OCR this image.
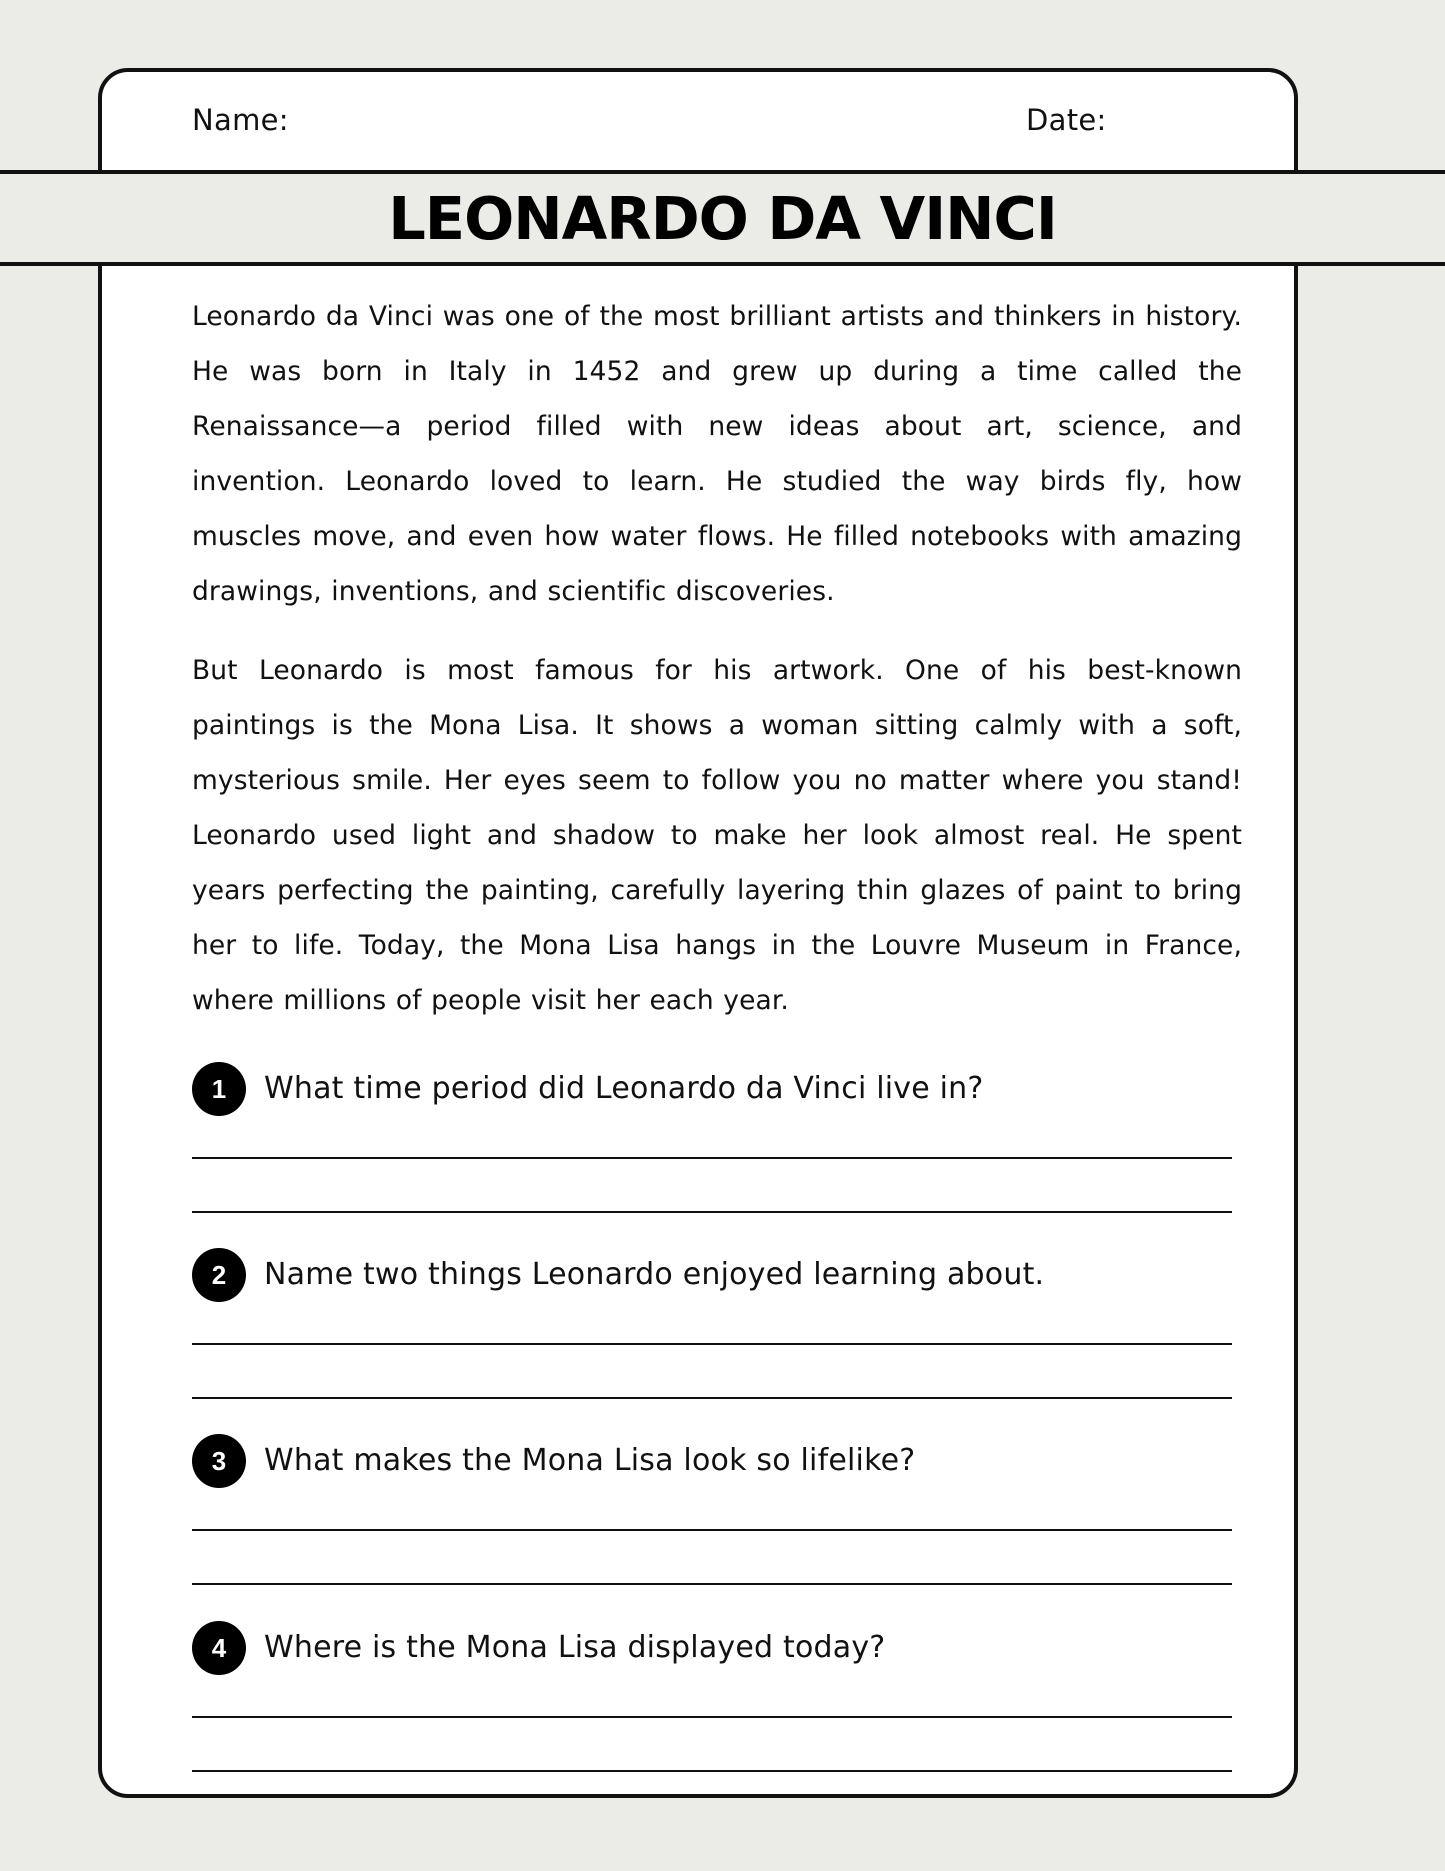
Name:	Date:
LEONARDO DA VINCI

Leonardo da Vinci was one of the most brilliant artists and thinkers in history. He was born in Italy in 1452 and grew up during a time called the Renaissance—a period filled with new ideas about art, science, and invention. Leonardo loved to learn. He studied the way birds fly, how muscles move, and even how water flows. He filled notebooks with amazing drawings, inventions, and scientific discoveries.

But Leonardo is most famous for his artwork. One of his best-known paintings is the Mona Lisa. It shows a woman sitting calmly with a soft, mysterious smile. Her eyes seem to follow you no matter where you stand! Leonardo used light and shadow to make her look almost real. He spent years perfecting the painting, carefully layering thin glazes of paint to bring her to life. Today, the Mona Lisa hangs in the Louvre Museum in France, where millions of people visit her each year.

1	What time period did Leonardo da Vinci live in?
2	Name two things Leonardo enjoyed learning about.
3	What makes the Mona Lisa look so lifelike?
4	Where is the Mona Lisa displayed today?
